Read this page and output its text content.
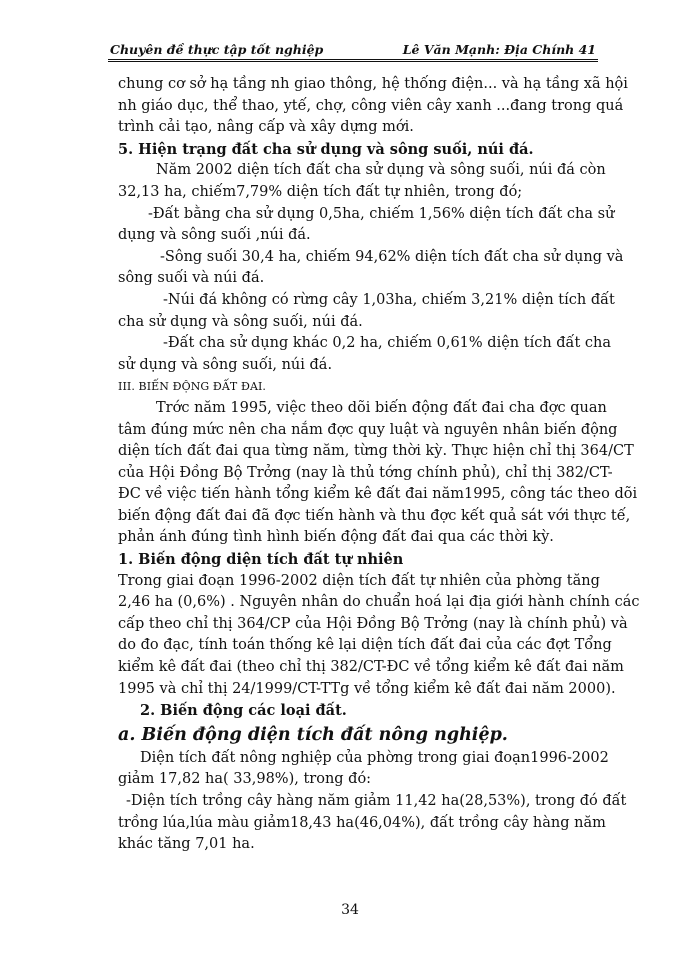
Chuyên đề thực tập tốt nghiệp	Lê Văn Mạnh: Địa Chính 41
chung cơ sở hạ tầng nh giao thông, hệ thống điện... và hạ tầng xã hội
nh giáo dục, thể thao, ytế, chợ, công viên cây xanh ...đang trong quá
trình cải tạo, nâng cấp và xây dựng mới.
5. Hiện trạng đất cha sử dụng và sông suối, núi đá.
Năm 2002 diện tích đất cha sử dụng và sông suối, núi đá còn
32,13 ha, chiếm7,79% diện tích đất tự nhiên, trong đó;
-Đất bằng cha sử dụng 0,5ha, chiếm 1,56% diện tích đất cha sử
dụng và sông suối ,núi đá.
-Sông suối 30,4 ha, chiếm 94,62% diện tích đất cha sử dụng và
sông suối và núi đá.
-Núi đá không có rừng cây 1,03ha, chiếm 3,21% diện tích đất
cha sử dụng và sông suối, núi đá.
-Đất cha sử dụng khác 0,2 ha, chiếm 0,61% diện tích đất cha
sử dụng và sông suối, núi đá.
III. BIẾN ĐỘNG ĐẤT ĐAI.
Trớc năm 1995, việc theo dõi biến động đất đai cha đợc quan
tâm đúng mức nên cha nắm đợc quy luật và nguyên nhân biến động
diện tích đất đai qua từng năm, từng thời kỳ. Thực hiện chỉ thị 364/CT
của Hội Đồng Bộ Trởng (nay là thủ tớng chính phủ), chỉ thị 382/CT-
ĐC về việc tiến hành tổng kiểm kê đất đai năm1995, công tác theo dõi
biến động đất đai đã đợc tiến hành và thu đợc kết quả sát với thực tế,
phản ánh đúng tình hình biến động đất đai qua các thời kỳ.
1. Biến động diện tích đất tự nhiên
Trong giai đoạn 1996-2002 diện tích đất tự nhiên của phờng tăng
2,46 ha (0,6%) . Nguyên nhân do chuẩn hoá lại địa giới hành chính các
cấp theo chỉ thị 364/CP của Hội Đồng Bộ Trởng (nay là chính phủ) và
do đo đạc, tính toán thống kê lại diện tích đất đai của các đợt Tổng
kiểm kê đất đai (theo chỉ thị 382/CT-ĐC về tổng kiểm kê đất đai năm
1995 và chỉ thị 24/1999/CT-TTg về tổng kiểm kê đất đai năm 2000).
2. Biến động các loại đất.
a. Biến động diện tích đất nông nghiệp.
Diện tích đất nông nghiệp của phờng trong giai đoạn1996-2002
giảm 17,82 ha( 33,98%), trong đó:
-Diện tích trồng cây hàng năm giảm 11,42 ha(28,53%), trong đó đất
trồng lúa,lúa màu giảm18,43 ha(46,04%), đất trồng cây hàng năm
khác tăng 7,01 ha.
34
